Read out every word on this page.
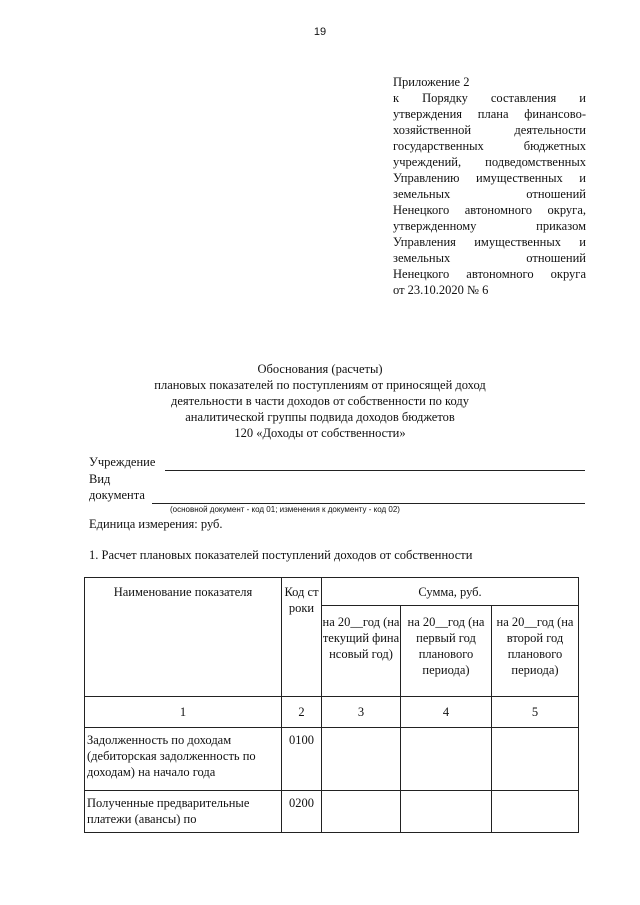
19
Приложение 2
к Порядку составления и
утверждения плана финансово-
хозяйственной деятельности
государственных бюджетных
учреждений, подведомственных
Управлению имущественных и
земельных отношений
Ненецкого автономного округа,
утвержденному приказом
Управления имущественных и
земельных отношений
Ненецкого автономного округа
от 23.10.2020 № 6
Обоснования (расчеты)
плановых показателей по поступлениям от приносящей доход
деятельности в части доходов от собственности по коду
аналитической группы подвида доходов бюджетов
120 «Доходы от собственности»
Учреждение
Вид
документа
(основной документ - код 01; изменения к документу - код 02)
Единица измерения: руб.
1. Расчет плановых показателей поступлений доходов от собственности
Наименование показателя	Код строки	Сумма, руб.		

		на 20__год (на текущий финансовый год)	на 20__год (на первый год планового периода)	на 20__год (на второй год планового периода)

1	2	3	4	5

Задолженность по доходам (дебиторская задолженность по доходам) на начало года	0100			

Полученные предварительные платежи (авансы) по	0200			
